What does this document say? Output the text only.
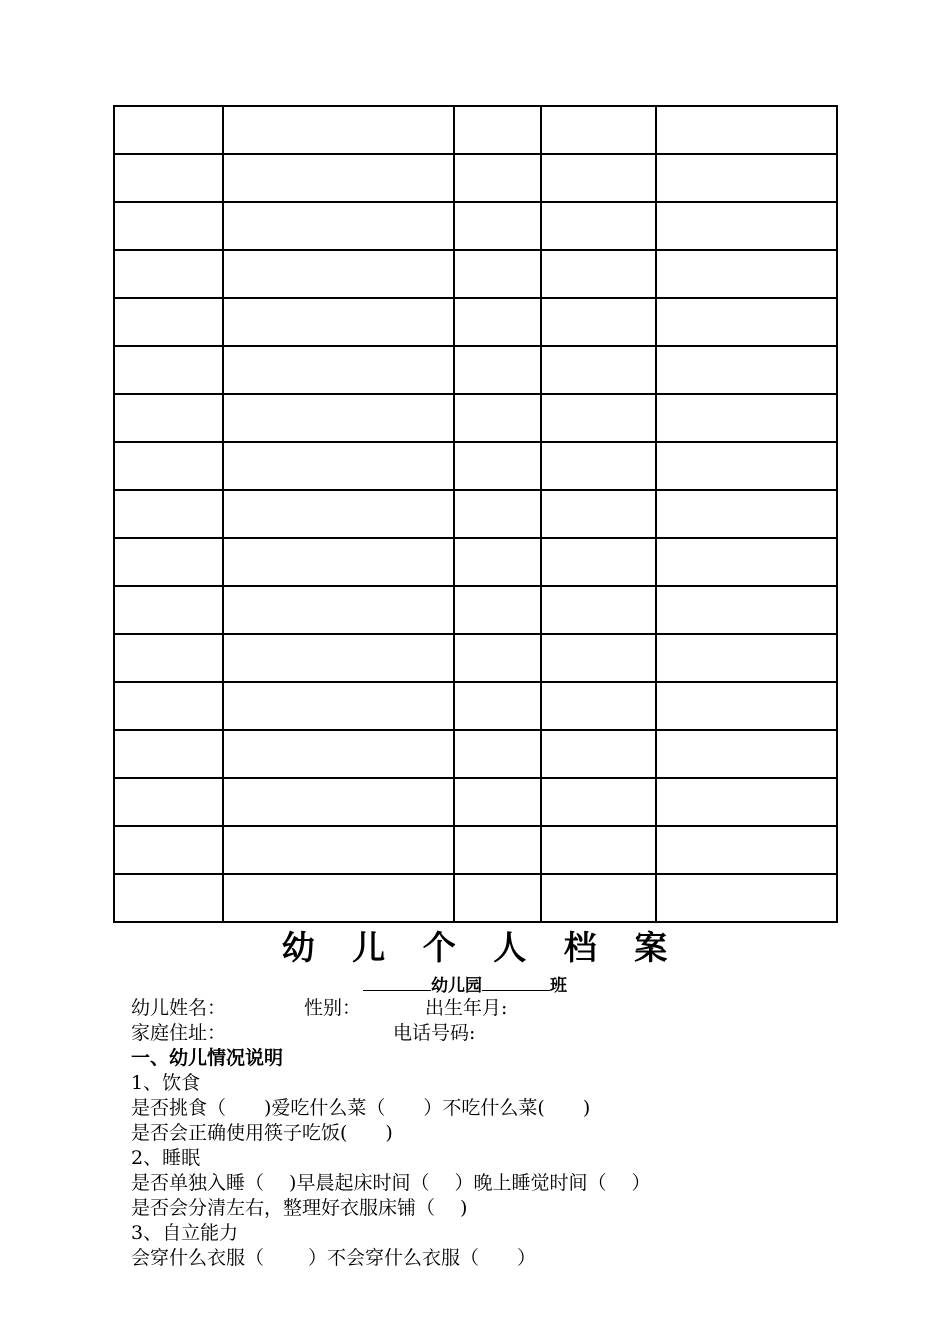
幼 儿 个 人 档 案
幼儿园	班
幼儿姓名：	性别：	出生年月:
家庭住址：	电话号码:
一、幼儿情况说明
1、饮食
是否挑食（　　)爱吃什么菜（　　）不吃什么菜(　　)
是否会正确使用筷子吃饭(　　)
2、睡眠
是否单独入睡（　 )早晨起床时间（　 ）晚上睡觉时间（　 ）
是否会分清左右，整理好衣服床铺（　 )
3、自立能力
会穿什么衣服（　　 ）不会穿什么衣服（　　）
